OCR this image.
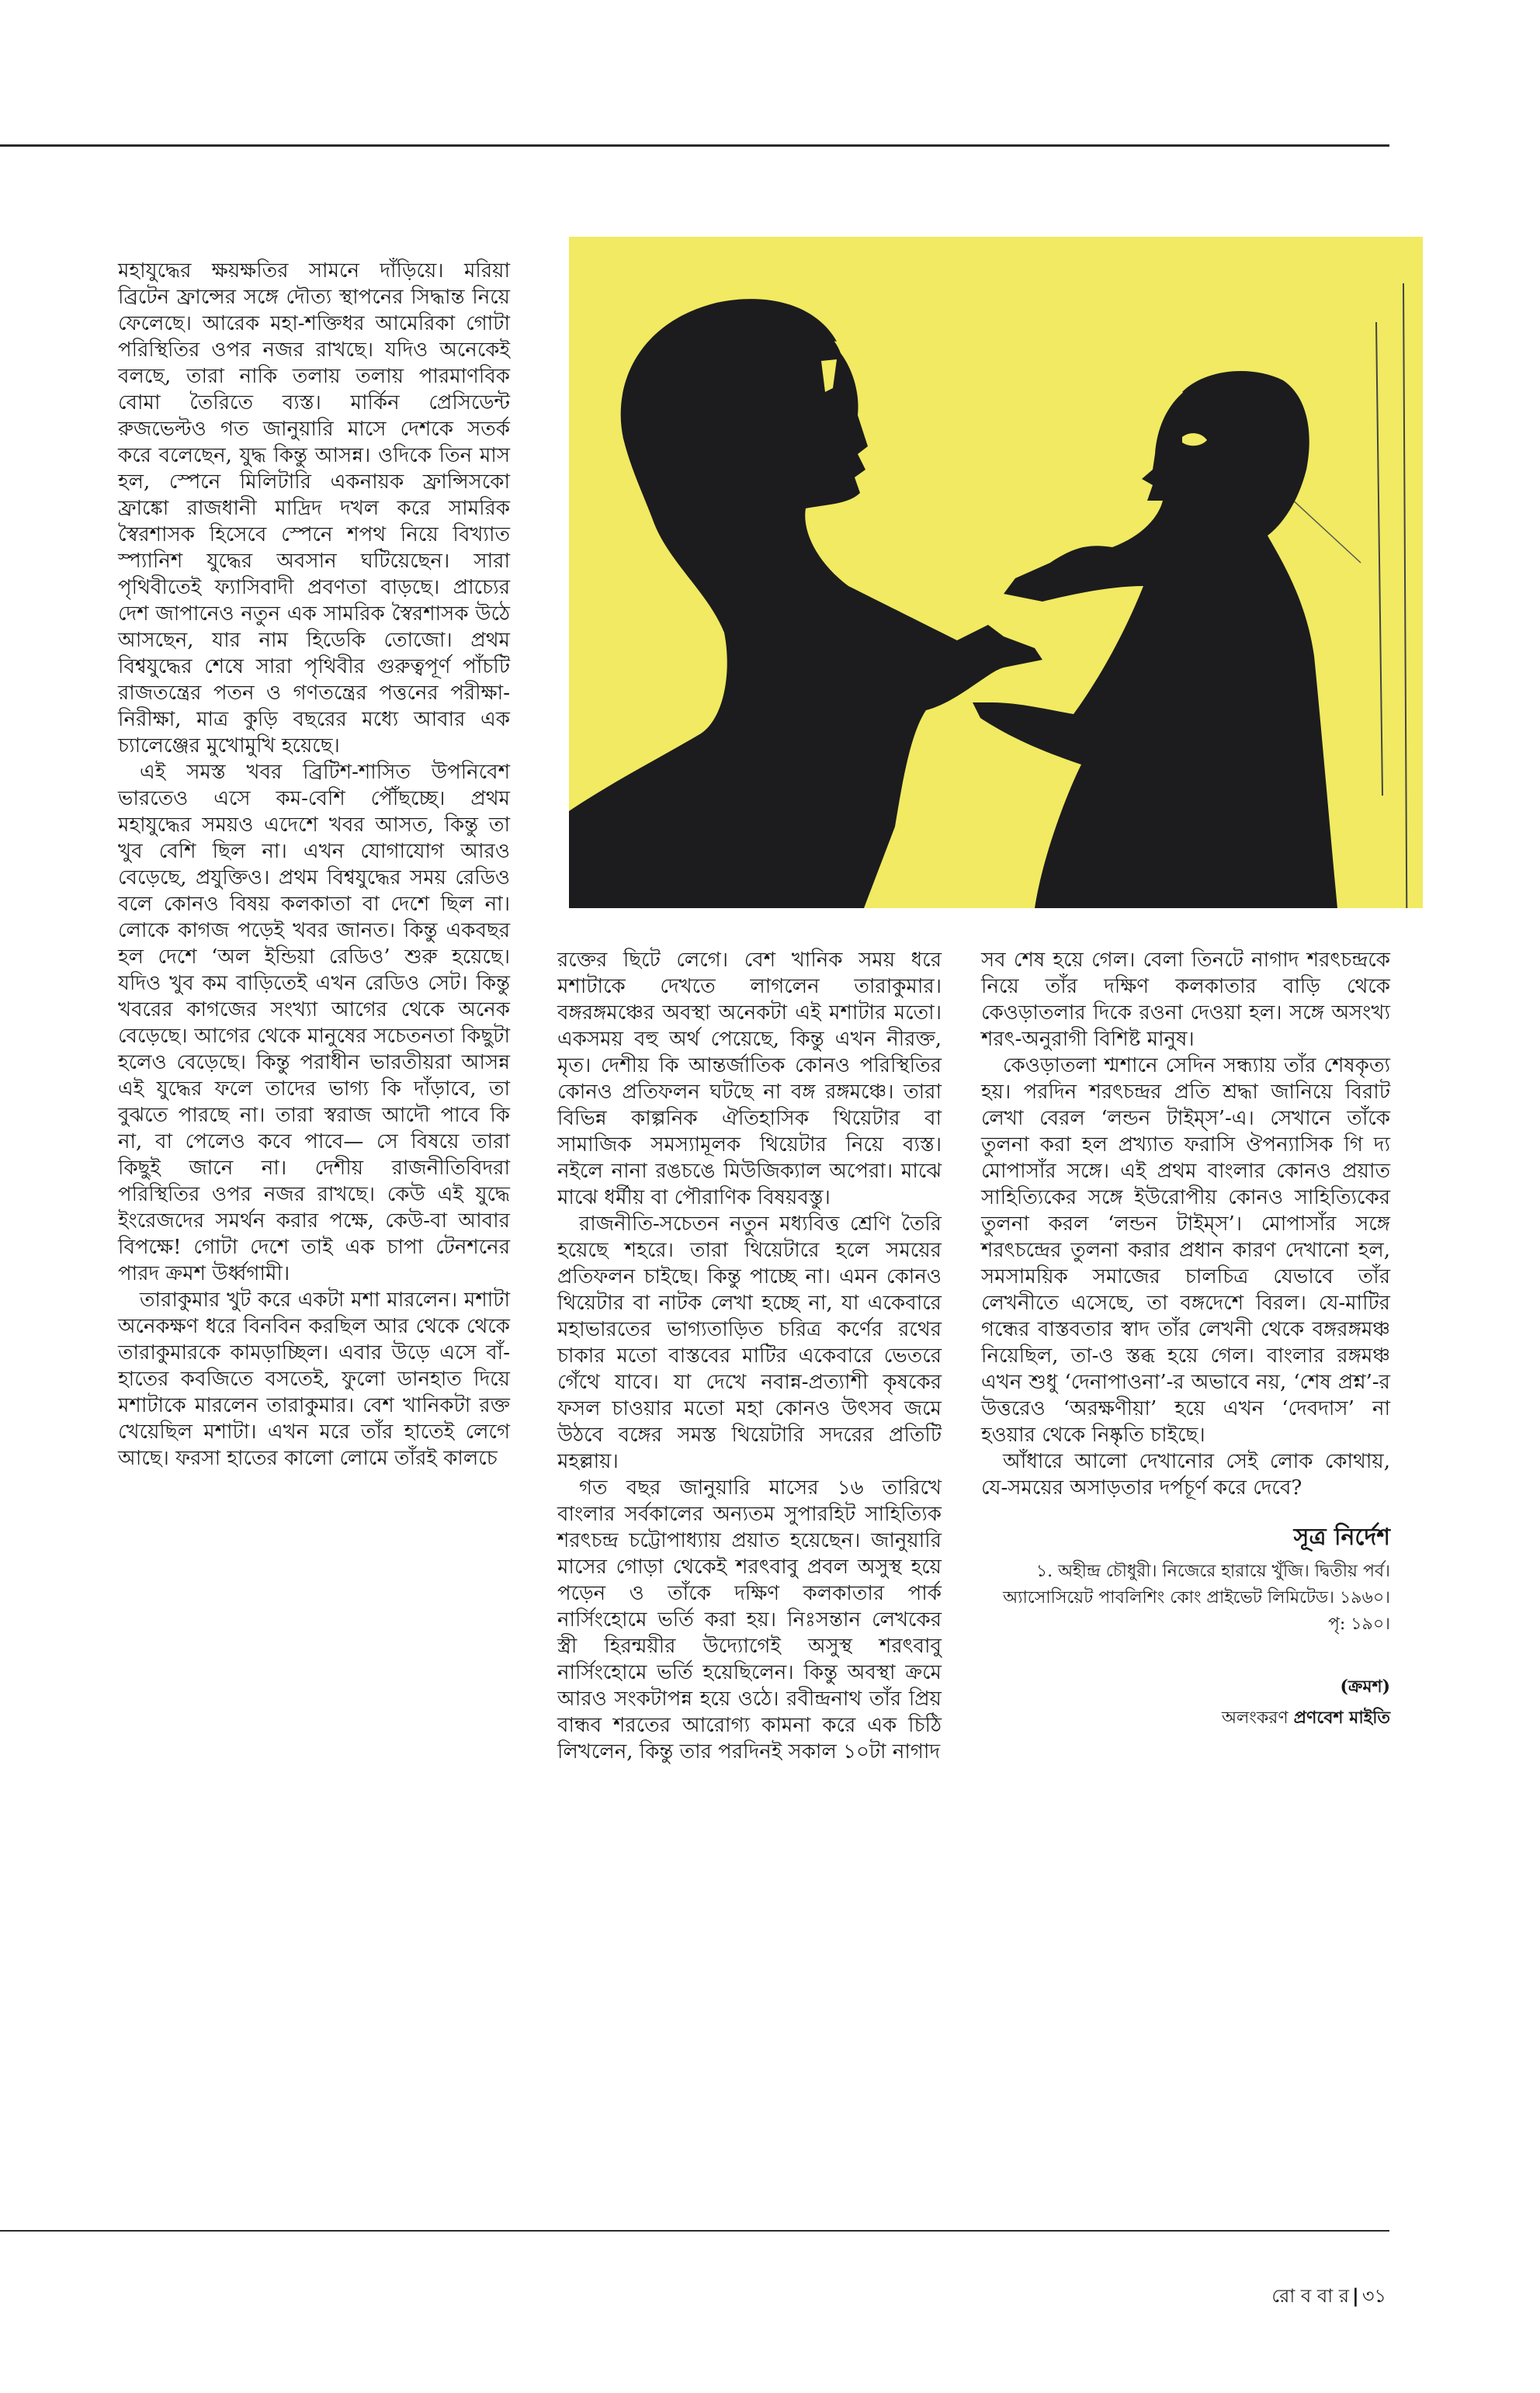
মহাযুদ্ধের ক্ষয়ক্ষতির সামনে দাঁড়িয়ে। মরিয়া ব্রিটেন ফ্রান্সের সঙ্গে দৌত্য স্থাপনের সিদ্ধান্ত নিয়ে ফেলেছে। আরেক মহা-শক্তিধর আমেরিকা গোটা পরিস্থিতির ওপর নজর রাখছে। যদিও অনেকেই বলছে, তারা নাকি তলায় তলায় পারমাণবিক বোমা তৈরিতে ব্যস্ত। মার্কিন প্রেসিডেন্ট রুজভেল্টও গত জানুয়ারি মাসে দেশকে সতর্ক করে বলেছেন, যুদ্ধ কিন্তু আসন্ন। ওদিকে তিন মাস হল, স্পেনে মিলিটারি একনায়ক ফ্রান্সিসকো ফ্রাঙ্কো রাজধানী মাদ্রিদ দখল করে সামরিক স্বৈরশাসক হিসেবে স্পেনে শপথ নিয়ে বিখ্যাত স্প্যানিশ যুদ্ধের অবসান ঘটিয়েছেন। সারা পৃথিবীতেই ফ্যাসিবাদী প্রবণতা বাড়ছে। প্রাচ্যের দেশ জাপানেও নতুন এক সামরিক স্বৈরশাসক উঠে আসছেন, যার নাম হিডেকি তোজো। প্রথম বিশ্বযুদ্ধের শেষে সারা পৃথিবীর গুরুত্বপূর্ণ পাঁচটি রাজতন্ত্রের পতন ও গণতন্ত্রের পত্তনের পরীক্ষা-নিরীক্ষা, মাত্র কুড়ি বছরের মধ্যে আবার এক চ্যালেঞ্জের মুখোমুখি হয়েছে।

এই সমস্ত খবর ব্রিটিশ-শাসিত উপনিবেশ ভারতেও এসে কম-বেশি পৌঁছচ্ছে। প্রথম মহাযুদ্ধের সময়ও এদেশে খবর আসত, কিন্তু তা খুব বেশি ছিল না। এখন যোগাযোগ আরও বেড়েছে, প্রযুক্তিও। প্রথম বিশ্বযুদ্ধের সময় রেডিও বলে কোনও বিষয় কলকাতা বা দেশে ছিল না। লোকে কাগজ পড়েই খবর জানত। কিন্তু একবছর হল দেশে ‘অল ইন্ডিয়া রেডিও’ শুরু হয়েছে। যদিও খুব কম বাড়িতেই এখন রেডিও সেট। কিন্তু খবরের কাগজের সংখ্যা আগের থেকে অনেক বেড়েছে। আগের থেকে মানুষের সচেতনতা কিছুটা হলেও বেড়েছে। কিন্তু পরাধীন ভারতীয়রা আসন্ন এই যুদ্ধের ফলে তাদের ভাগ্য কি দাঁড়াবে, তা বুঝতে পারছে না। তারা স্বরাজ আদৌ পাবে কি না, বা পেলেও কবে পাবে— সে বিষয়ে তারা কিছুই জানে না। দেশীয় রাজনীতিবিদরা পরিস্থিতির ওপর নজর রাখছে। কেউ এই যুদ্ধে ইংরেজদের সমর্থন করার পক্ষে, কেউ-বা আবার বিপক্ষে! গোটা দেশে তাই এক চাপা টেনশনের পারদ ক্রমশ উর্ধ্বগামী।

তারাকুমার খুট করে একটা মশা মারলেন। মশাটা অনেকক্ষণ ধরে বিনবিন করছিল আর থেকে থেকে তারাকুমারকে কামড়াচ্ছিল। এবার উড়ে এসে বাঁ-হাতের কবজিতে বসতেই, ফুলো ডানহাত দিয়ে মশাটাকে মারলেন তারাকুমার। বেশ খানিকটা রক্ত খেয়েছিল মশাটা। এখন মরে তাঁর হাতেই লেগে আছে। ফরসা হাতের কালো লোমে তাঁরই কালচে

রক্তের ছিটে লেগে। বেশ খানিক সময় ধরে মশাটাকে দেখতে লাগলেন তারাকুমার। বঙ্গরঙ্গমঞ্চের অবস্থা অনেকটা এই মশাটার মতো। একসময় বহু অর্থ পেয়েছে, কিন্তু এখন নীরক্ত, মৃত। দেশীয় কি আন্তর্জাতিক কোনও পরিস্থিতির কোনও প্রতিফলন ঘটছে না বঙ্গ রঙ্গমঞ্চে। তারা বিভিন্ন কাল্পনিক ঐতিহাসিক থিয়েটার বা সামাজিক সমস্যামূলক থিয়েটার নিয়ে ব্যস্ত। নইলে নানা রঙচঙে মিউজিক্যাল অপেরা। মাঝে মাঝে ধর্মীয় বা পৌরাণিক বিষয়বস্তু।

রাজনীতি-সচেতন নতুন মধ্যবিত্ত শ্রেণি তৈরি হয়েছে শহরে। তারা থিয়েটারে হলে সময়ের প্রতিফলন চাইছে। কিন্তু পাচ্ছে না। এমন কোনও থিয়েটার বা নাটক লেখা হচ্ছে না, যা একেবারে মহাভারতের ভাগ্যতাড়িত চরিত্র কর্ণের রথের চাকার মতো বাস্তবের মাটির একেবারে ভেতরে গেঁথে যাবে। যা দেখে নবান্ন-প্রত্যাশী কৃষকের ফসল চাওয়ার মতো মহা কোনও উৎসব জমে উঠবে বঙ্গের সমস্ত থিয়েটারি সদরের প্রতিটি মহল্লায়।

গত বছর জানুয়ারি মাসের ১৬ তারিখে বাংলার সর্বকালের অন্যতম সুপারহিট সাহিত্যিক শরৎচন্দ্র চট্টোপাধ্যায় প্রয়াত হয়েছেন। জানুয়ারি মাসের গোড়া থেকেই শরৎবাবু প্রবল অসুস্থ হয়ে পড়েন ও তাঁকে দক্ষিণ কলকাতার পার্ক নার্সিংহোমে ভর্তি করা হয়। নিঃসন্তান লেখকের স্ত্রী হিরন্ময়ীর উদ্যোগেই অসুস্থ শরৎবাবু নার্সিংহোমে ভর্তি হয়েছিলেন। কিন্তু অবস্থা ক্রমে আরও সংকটাপন্ন হয়ে ওঠে। রবীন্দ্রনাথ তাঁর প্রিয় বান্ধব শরতের আরোগ্য কামনা করে এক চিঠি লিখলেন, কিন্তু তার পরদিনই সকাল ১০টা নাগাদ

সব শেষ হয়ে গেল। বেলা তিনটে নাগাদ শরৎচন্দ্রকে নিয়ে তাঁর দক্ষিণ কলকাতার বাড়ি থেকে কেওড়াতলার দিকে রওনা দেওয়া হল। সঙ্গে অসংখ্য শরৎ-অনুরাগী বিশিষ্ট মানুষ।

কেওড়াতলা শ্মশানে সেদিন সন্ধ্যায় তাঁর শেষকৃত্য হয়। পরদিন শরৎচন্দ্রর প্রতি শ্রদ্ধা জানিয়ে বিরাট লেখা বেরল ‘লন্ডন টাইম্‌স’-এ। সেখানে তাঁকে তুলনা করা হল প্রখ্যাত ফরাসি ঔপন্যাসিক গি দ্য মোপাসাঁর সঙ্গে। এই প্রথম বাংলার কোনও প্রয়াত সাহিত্যিকের সঙ্গে ইউরোপীয় কোনও সাহিত্যিকের তুলনা করল ‘লন্ডন টাইম্‌স’। মোপাসাঁর সঙ্গে শরৎচন্দ্রের তুলনা করার প্রধান কারণ দেখানো হল, সমসাময়িক সমাজের চালচিত্র যেভাবে তাঁর লেখনীতে এসেছে, তা বঙ্গদেশে বিরল। যে-মাটির গন্ধের বাস্তবতার স্বাদ তাঁর লেখনী থেকে বঙ্গরঙ্গমঞ্চ নিয়েছিল, তা-ও স্তব্ধ হয়ে গেল। বাংলার রঙ্গমঞ্চ এখন শুধু ‘দেনাপাওনা’-র অভাবে নয়, ‘শেষ প্রশ্ন’-র উত্তরেও ‘অরক্ষণীয়া’ হয়ে এখন ‘দেবদাস’ না হওয়ার থেকে নিষ্কৃতি চাইছে।

আঁধারে আলো দেখানোর সেই লোক কোথায়, যে-সময়ের অসাড়তার দর্পচূর্ণ করে দেবে?

সূত্র নির্দেশ

১. অহীন্দ্র চৌধুরী। নিজেরে হারায়ে খুঁজি। দ্বিতীয় পর্ব। অ্যাসোসিয়েট পাবলিশিং কোং প্রাইভেট লিমিটেড। ১৯৬০। পৃ: ১৯০।

(ক্রমশ)

অলংকরণ প্রণবেশ মাইতি

রো ব বা র | ৩১
